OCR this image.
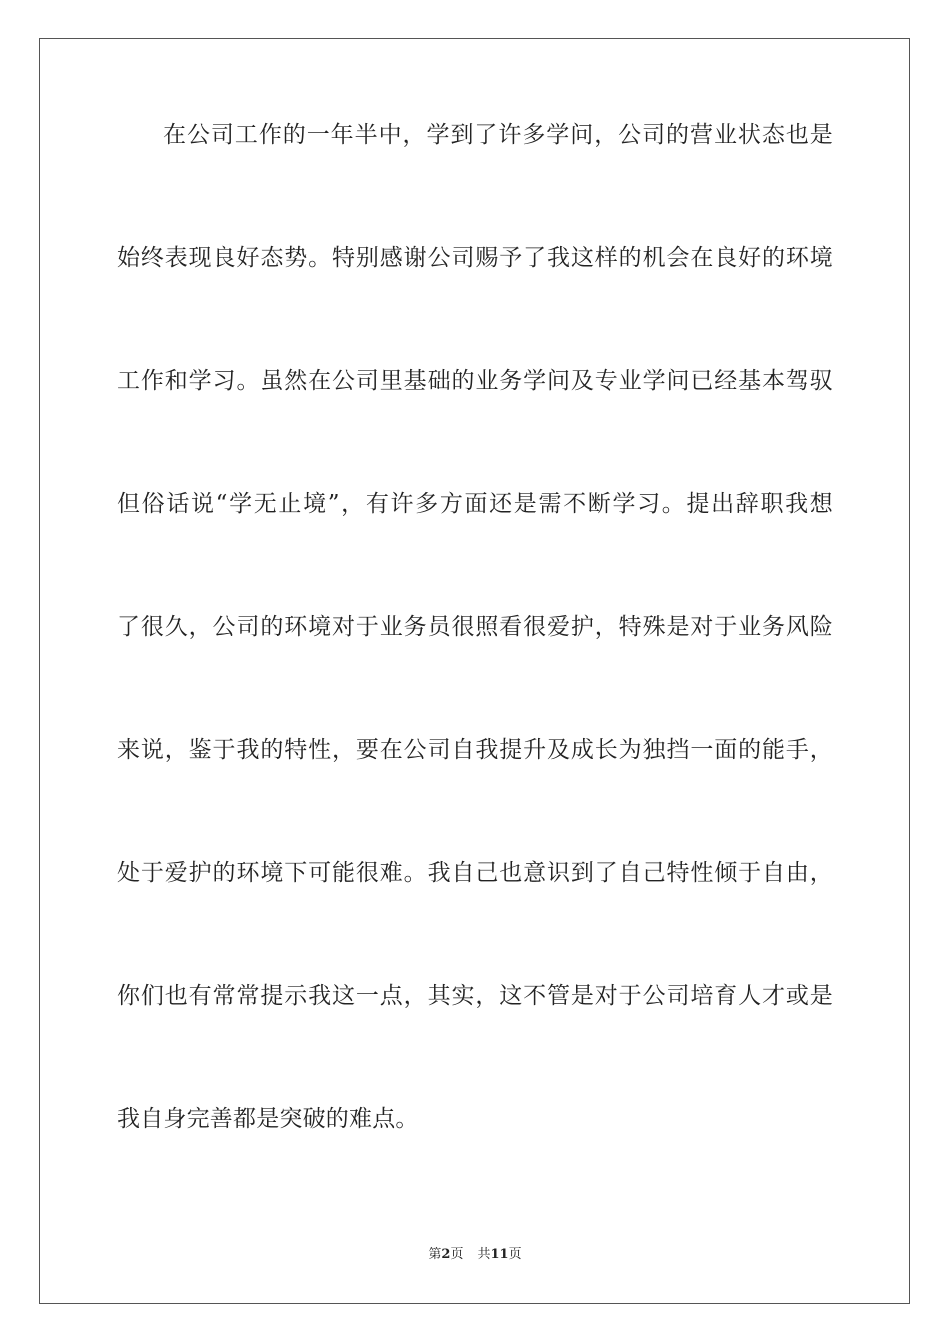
在公司工作的一年半中，学到了许多学问，公司的营业状态也是
始终表现良好态势。特别感谢公司赐予了我这样的机会在良好的环境
工作和学习。虽然在公司里基础的业务学问及专业学问已经基本驾驭
但俗话说“学无止境”，有许多方面还是需不断学习。提出辞职我想
了很久，公司的环境对于业务员很照看很爱护，特殊是对于业务风险
来说，鉴于我的特性，要在公司自我提升及成长为独挡一面的能手，
处于爱护的环境下可能很难。我自己也意识到了自己特性倾于自由，
你们也有常常提示我这一点，其实，这不管是对于公司培育人才或是
我自身完善都是突破的难点。
第2页 共11页
